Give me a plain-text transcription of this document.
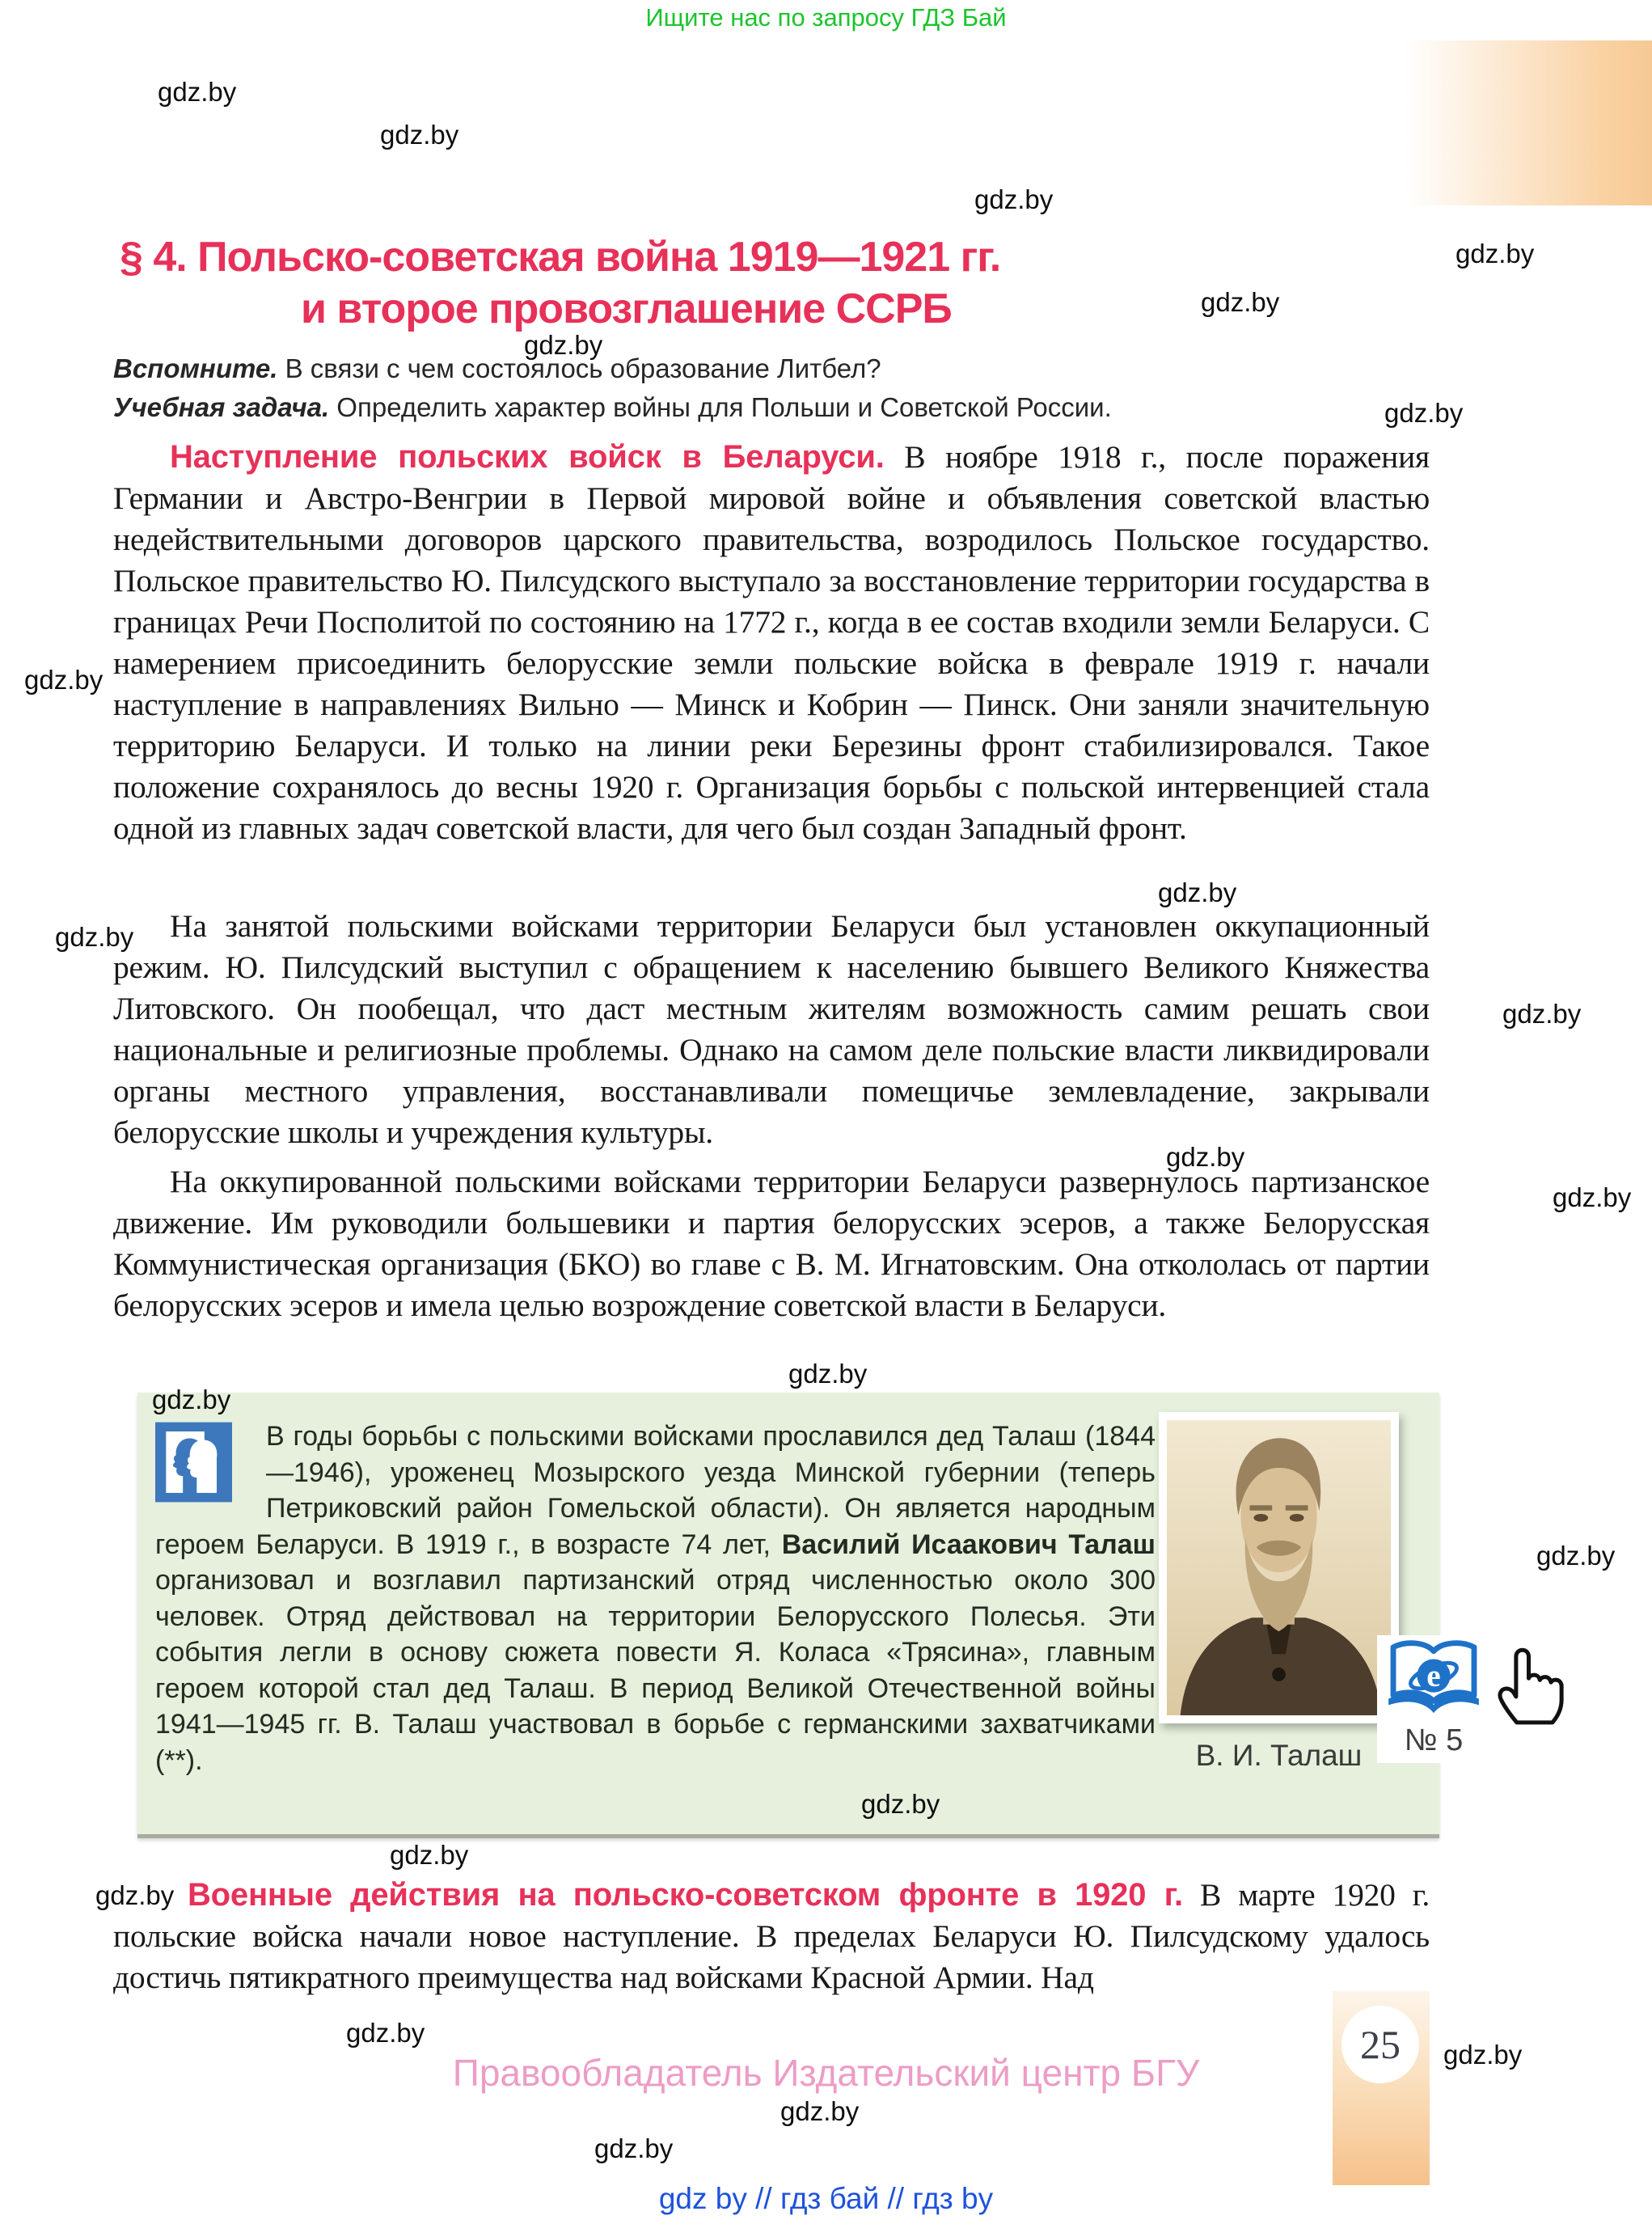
gdz.by
gdz.by
gdz.by
gdz.by
gdz.by
gdz.by
gdz.by
gdz.by
gdz.by
gdz.by
gdz.by
gdz.by
gdz.by
gdz.by
gdz.by
gdz.by
gdz.by
gdz.by
gdz.by
gdz.by
gdz.by
gdz.by
gdz.by
Ищите нас по запросу ГДЗ Бай
§ 4. Польско-советская война 1919—1921 гг.
и второе провозглашение ССРБ
Вспомните. В связи с чем состоялось образование Литбел?
Учебная задача. Определить характер войны для Польши и Советской России.

Наступление польских войск в Беларуси. В ноябре 1918 г., после поражения Германии и Австро-Венгрии в Первой мировой войне и объявления советской властью недействительными договоров царского правительства, возродилось Польское государство. Польское правительство Ю. Пилсудского выступало за восстановление территории государства в границах Речи Посполитой по состоянию на 1772 г., когда в ее состав входили земли Беларуси. С намерением присоединить белорусские земли польские войска в феврале 1919 г. начали наступление в направлениях Вильно — Минск и Кобрин — Пинск. Они заняли значительную территорию Беларуси. И только на линии реки Березины фронт стабилизировался. Такое положение сохранялось до весны 1920 г. Организация борьбы с польской интервенцией стала одной из главных задач советской власти, для чего был создан Западный фронт.

На занятой польскими войсками территории Беларуси был установлен оккупационный режим. Ю. Пилсудский выступил с обращением к населению бывшего Великого Княжества Литовского. Он пообещал, что даст местным жителям возможность самим решать свои национальные и религиозные проблемы. Однако на самом деле польские власти ликвидировали органы местного управления, восстанавливали помещичье землевладение, закрывали белорусские школы и учреждения культуры.

На оккупированной польскими войсками территории Беларуси развернулось партизанское движение. Им руководили большевики и партия белорусских эсеров, а также Белорусская Коммунистическая организация (БКО) во главе с В. М. Игнатовским. Она откололась от партии белорусских эсеров и имела целью возрождение советской власти в Беларуси.

Военные действия на польско-советском фронте в 1920 г. В марте 1920 г. польские войска начали новое наступление. В пределах Беларуси Ю. Пилсудскому удалось достичь пятикратного преимущества над войсками Красной Армии. Над

В годы борьбы с польскими войсками прославился дед Талаш (1844—1946), уроженец Мозырского уезда Минской губернии (теперь Петриковский район Гомельской области). Он является народным героем Беларуси. В 1919 г., в возрасте 74 лет, Василий Исаакович Талаш организовал и возглавил партизанский отряд численностью около 300 человек. Отряд действовал на территории Белорусского Полесья. Эти события легли в основу сюжета повести Я. Коласа «Трясина», главным героем которой стал дед Талаш. В период Великой Отечественной войны 1941—1945 гг. В. Талаш участвовал в борьбе с германскими захватчиками (**).	В. И. Талаш
e
№ 5
Правообладатель Издательский центр БГУ
25
gdz by // гдз бай // гдз by
